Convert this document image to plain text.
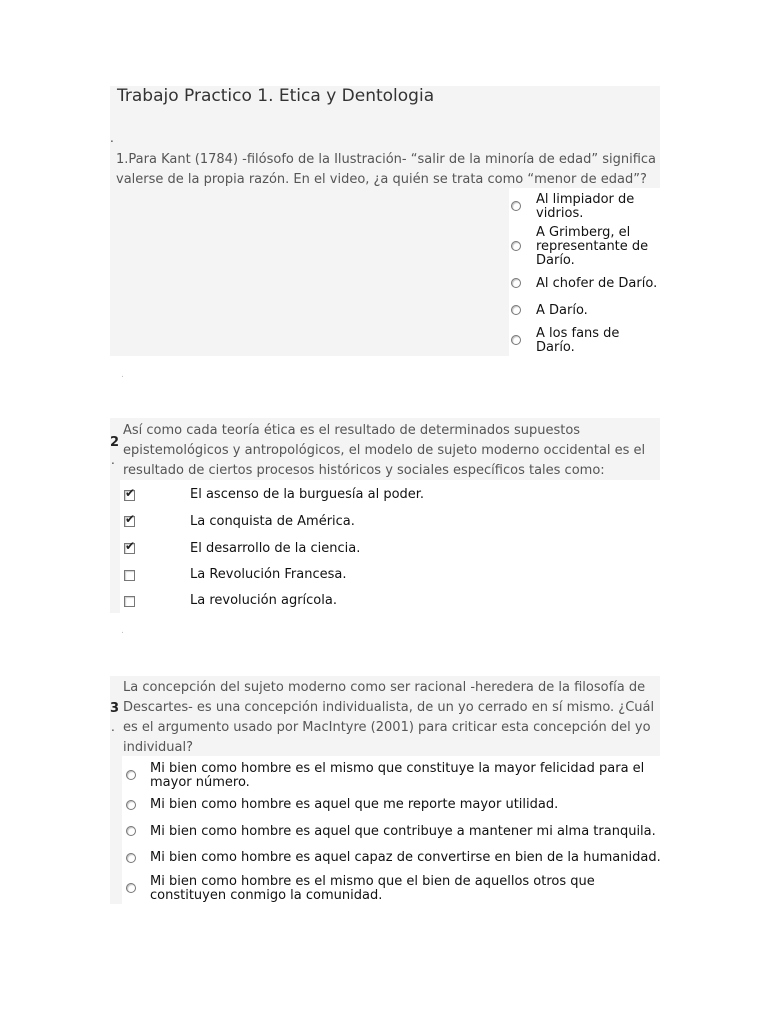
Trabajo Practico 1. Etica y Dentologia
.
1.Para Kant (1784) -filósofo de la Ilustración- “salir de la minoría de edad” significa
valerse de la propia razón. En el video, ¿a quién se trata como “menor de edad”?
Al limpiador de
vidrios.
A Grimberg, el
representante de
Darío.
Al chofer de Darío.
A Darío.
A los fans de
Darío.
.
2
.
Así como cada teoría ética es el resultado de determinados supuestos
epistemológicos y antropológicos, el modelo de sujeto moderno occidental es el
resultado de ciertos procesos históricos y sociales específicos tales como:
✔	El ascenso de la burguesía al poder.
✔	La conquista de América.
✔	El desarrollo de la ciencia.
La Revolución Francesa.
La revolución agrícola.
.
3
.
La concepción del sujeto moderno como ser racional -heredera de la filosofía de
Descartes- es una concepción individualista, de un yo cerrado en sí mismo. ¿Cuál
es el argumento usado por MacIntyre (2001) para criticar esta concepción del yo
individual?
Mi bien como hombre es el mismo que constituye la mayor felicidad para el
mayor número.
Mi bien como hombre es aquel que me reporte mayor utilidad.
Mi bien como hombre es aquel que contribuye a mantener mi alma tranquila.
Mi bien como hombre es aquel capaz de convertirse en bien de la humanidad.
Mi bien como hombre es el mismo que el bien de aquellos otros que
constituyen conmigo la comunidad.
